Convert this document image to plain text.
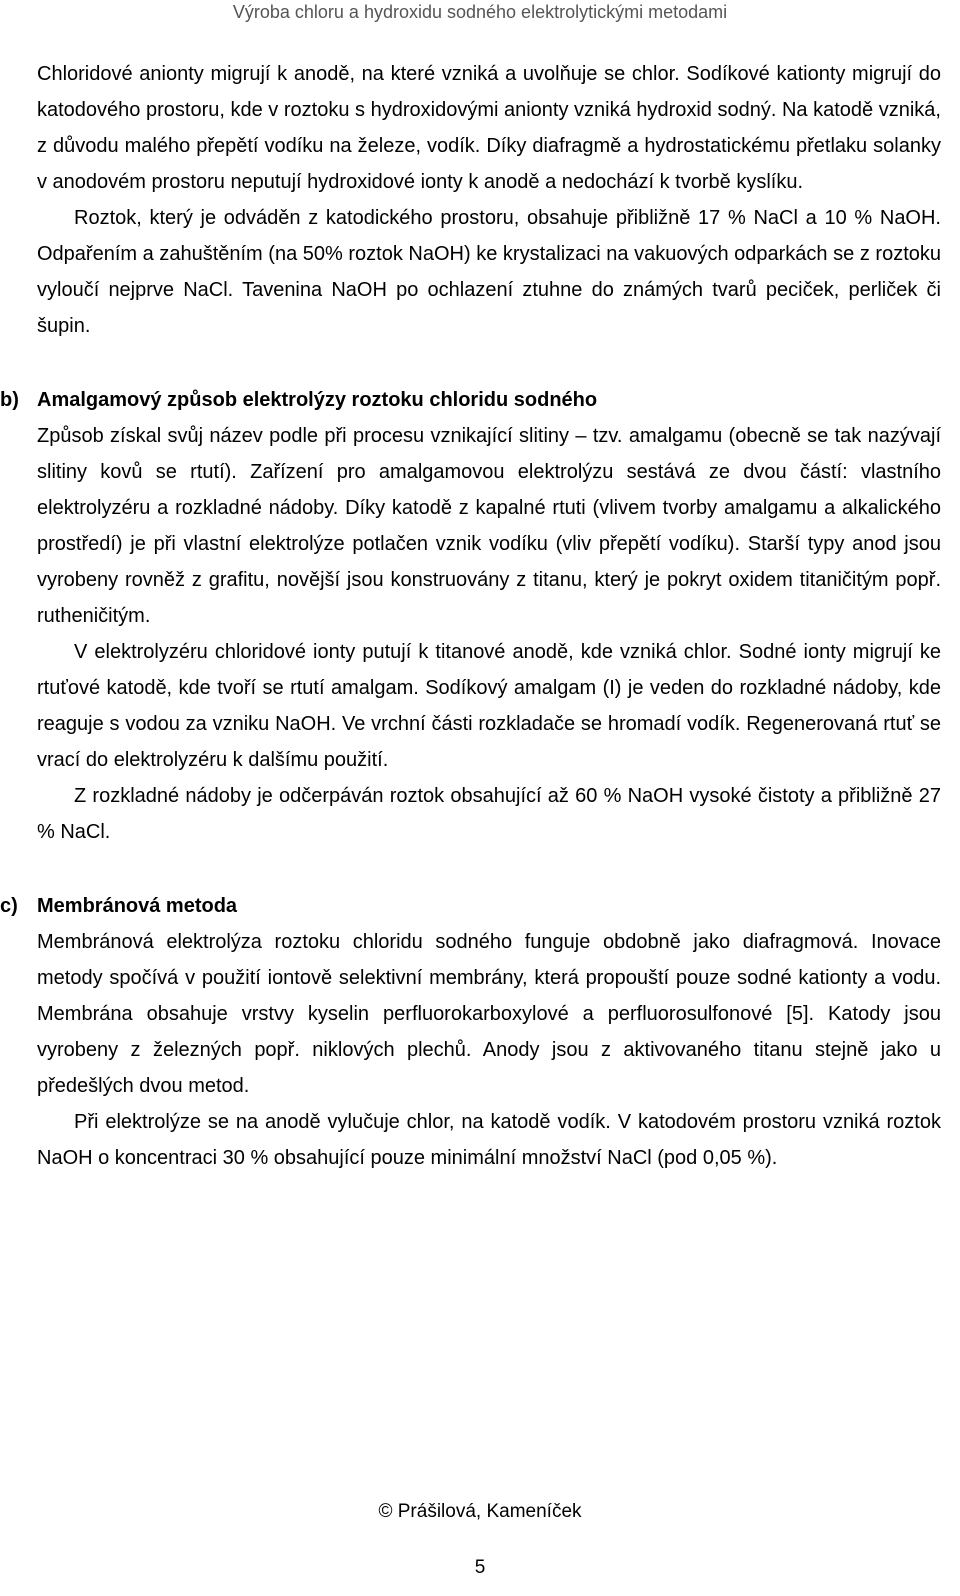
Výroba chloru a hydroxidu sodného elektrolytickými metodami

Chloridové anionty migrují k anodě, na které vzniká a uvolňuje se chlor. Sodíkové kationty migrují do katodového prostoru, kde v roztoku s hydroxidovými anionty vzniká hydroxid sodný. Na katodě vzniká, z důvodu malého přepětí vodíku na železe, vodík. Díky diafragmě a hydrostatickému přetlaku solanky v anodovém prostoru neputují hydroxidové ionty k anodě a nedochází k tvorbě kyslíku.

Roztok, který je odváděn z katodického prostoru, obsahuje přibližně 17 % NaCl a 10 % NaOH. Odpařením a zahuštěním (na 50% roztok NaOH) ke krystalizaci na vakuových odparkách se z roztoku vyloučí nejprve NaCl. Tavenina NaOH po ochlazení ztuhne do známých tvarů peciček, perliček či šupin.

b) Amalgamový způsob elektrolýzy roztoku chloridu sodného

Způsob získal svůj název podle při procesu vznikající slitiny – tzv. amalgamu (obecně se tak nazývají slitiny kovů se rtutí). Zařízení pro amalgamovou elektrolýzu sestává ze dvou částí: vlastního elektrolyzéru a rozkladné nádoby. Díky katodě z kapalné rtuti (vlivem tvorby amalgamu a alkalického prostředí) je při vlastní elektrolýze potlačen vznik vodíku (vliv přepětí vodíku). Starší typy anod jsou vyrobeny rovněž z grafitu, novější jsou konstruovány z titanu, který je pokryt oxidem titaničitým popř. rutheničitým.

V elektrolyzéru chloridové ionty putují k titanové anodě, kde vzniká chlor. Sodné ionty migrují ke rtuťové katodě, kde tvoří se rtutí amalgam. Sodíkový amalgam (I) je veden do rozkladné nádoby, kde reaguje s vodou za vzniku NaOH. Ve vrchní části rozkladače se hromadí vodík. Regenerovaná rtuť se vrací do elektrolyzéru k dalšímu použití.

Z rozkladné nádoby je odčerpáván roztok obsahující až 60 % NaOH vysoké čistoty a přibližně 27 % NaCl.

c) Membránová metoda

Membránová elektrolýza roztoku chloridu sodného funguje obdobně jako diafragmová. Inovace metody spočívá v použití iontově selektivní membrány, která propouští pouze sodné kationty a vodu. Membrána obsahuje vrstvy kyselin perfluorokarboxylové a perfluorosulfonové [5]. Katody jsou vyrobeny z železných popř. niklových plechů. Anody jsou z aktivovaného titanu stejně jako u předešlých dvou metod.

Při elektrolýze se na anodě vylučuje chlor, na katodě vodík. V katodovém prostoru vzniká roztok NaOH o koncentraci 30 % obsahující pouze minimální množství NaCl (pod 0,05 %).

© Prášilová, Kameníček
5
